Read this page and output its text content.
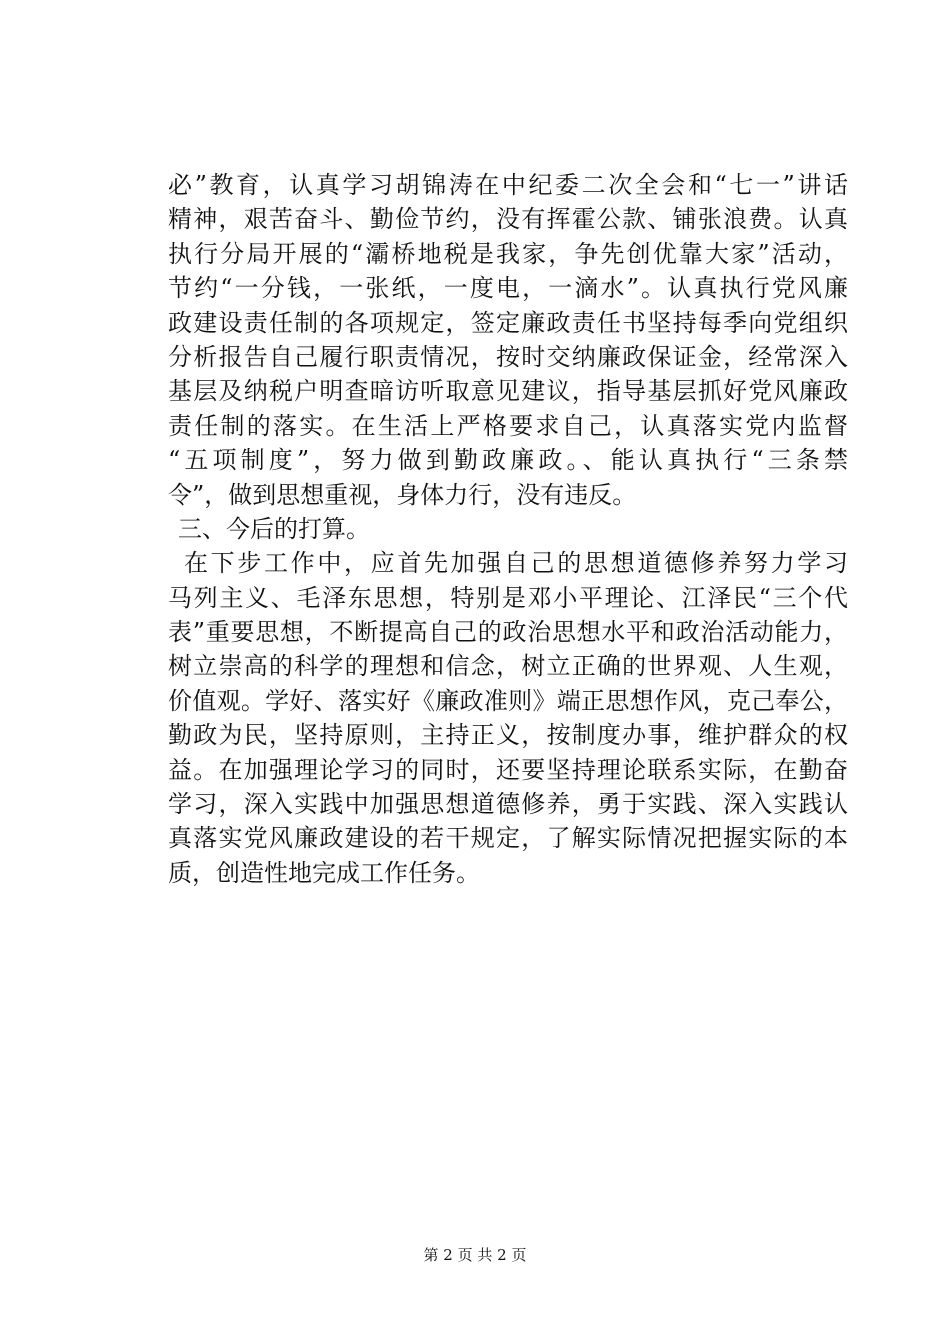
必”教育，认真学习胡锦涛在中纪委二次全会和“七一”讲话
精神，艰苦奋斗、勤俭节约，没有挥霍公款、铺张浪费。认真
执行分局开展的“灞桥地税是我家，争先创优靠大家”活动，
节约“一分钱，一张纸，一度电，一滴水”。认真执行党风廉
政建设责任制的各项规定，签定廉政责任书坚持每季向党组织
分析报告自己履行职责情况，按时交纳廉政保证金，经常深入
基层及纳税户明查暗访听取意见建议，指导基层抓好党风廉政
责任制的落实。在生活上严格要求自己，认真落实党内监督
“五项制度”，努力做到勤政廉政。、能认真执行“三条禁
令”，做到思想重视，身体力行，没有违反。
三、今后的打算。
在下步工作中，应首先加强自己的思想道德修养努力学习
马列主义、毛泽东思想，特别是邓小平理论、江泽民“三个代
表”重要思想，不断提高自己的政治思想水平和政治活动能力，
树立崇高的科学的理想和信念，树立正确的世界观、人生观，
价值观。学好、落实好《廉政准则》端正思想作风，克己奉公，
勤政为民，坚持原则，主持正义，按制度办事，维护群众的权
益。在加强理论学习的同时，还要坚持理论联系实际，在勤奋
学习，深入实践中加强思想道德修养，勇于实践、深入实践认
真落实党风廉政建设的若干规定，了解实际情况把握实际的本
质，创造性地完成工作任务。
第 2 页 共 2 页
